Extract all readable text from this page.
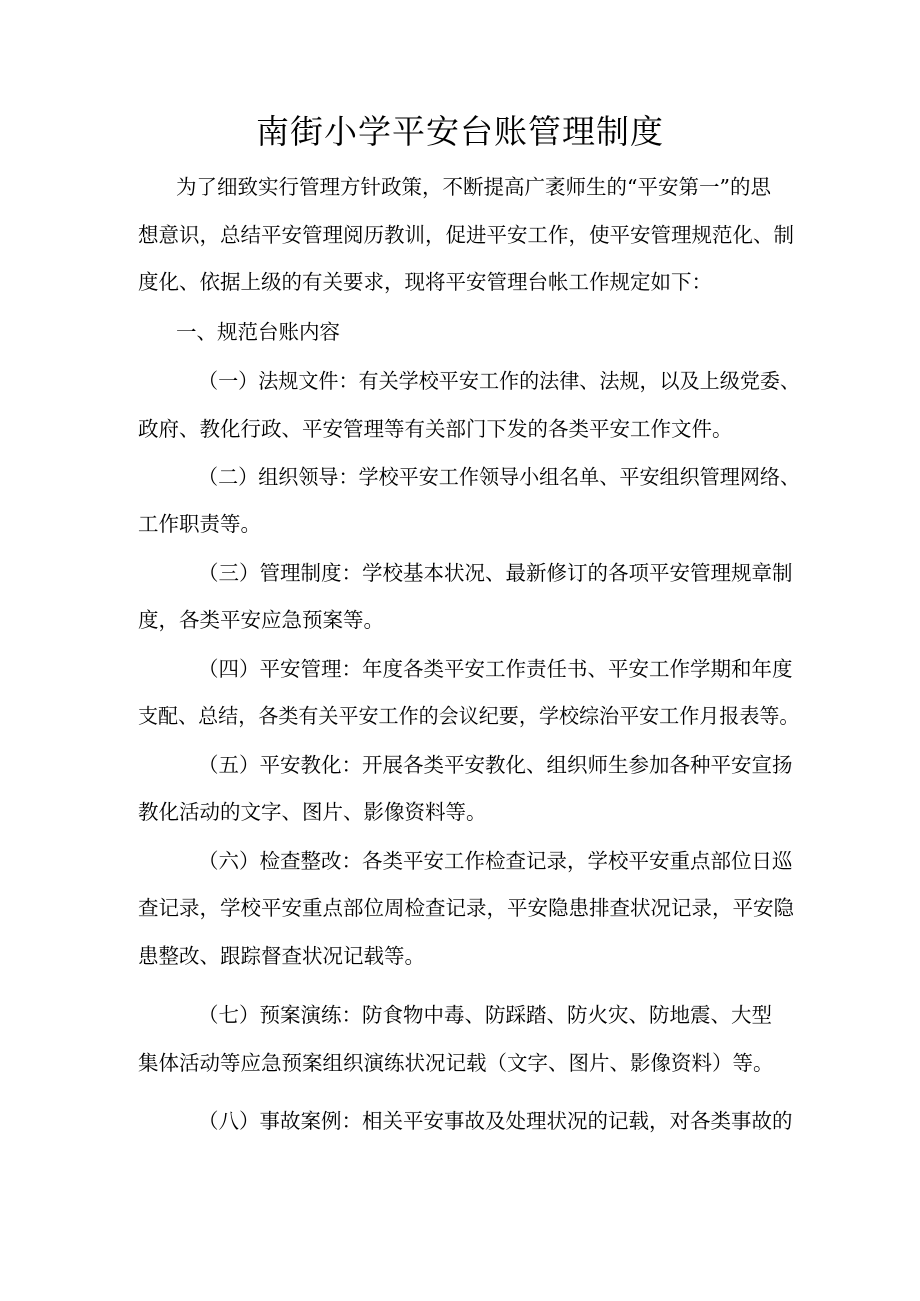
南街小学平安台账管理制度

为了细致实行管理方针政策，不断提高广袤师生的“平安第一”的思

想意识，总结平安管理阅历教训，促进平安工作，使平安管理规范化、制

度化、依据上级的有关要求，现将平安管理台帐工作规定如下：

一、规范台账内容

（一）法规文件：有关学校平安工作的法律、法规，以及上级党委、

政府、教化行政、平安管理等有关部门下发的各类平安工作文件。

（二）组织领导：学校平安工作领导小组名单、平安组织管理网络、

工作职责等。

（三）管理制度：学校基本状况、最新修订的各项平安管理规章制

度，各类平安应急预案等。

（四）平安管理：年度各类平安工作责任书、平安工作学期和年度

支配、总结，各类有关平安工作的会议纪要，学校综治平安工作月报表等。

（五）平安教化：开展各类平安教化、组织师生参加各种平安宣扬

教化活动的文字、图片、影像资料等。

（六）检查整改：各类平安工作检查记录，学校平安重点部位日巡

查记录，学校平安重点部位周检查记录，平安隐患排查状况记录，平安隐

患整改、跟踪督查状况记载等。

（七）预案演练：防食物中毒、防踩踏、防火灾、防地震、大型

集体活动等应急预案组织演练状况记载（文字、图片、影像资料）等。

（八）事故案例：相关平安事故及处理状况的记载，对各类事故的
